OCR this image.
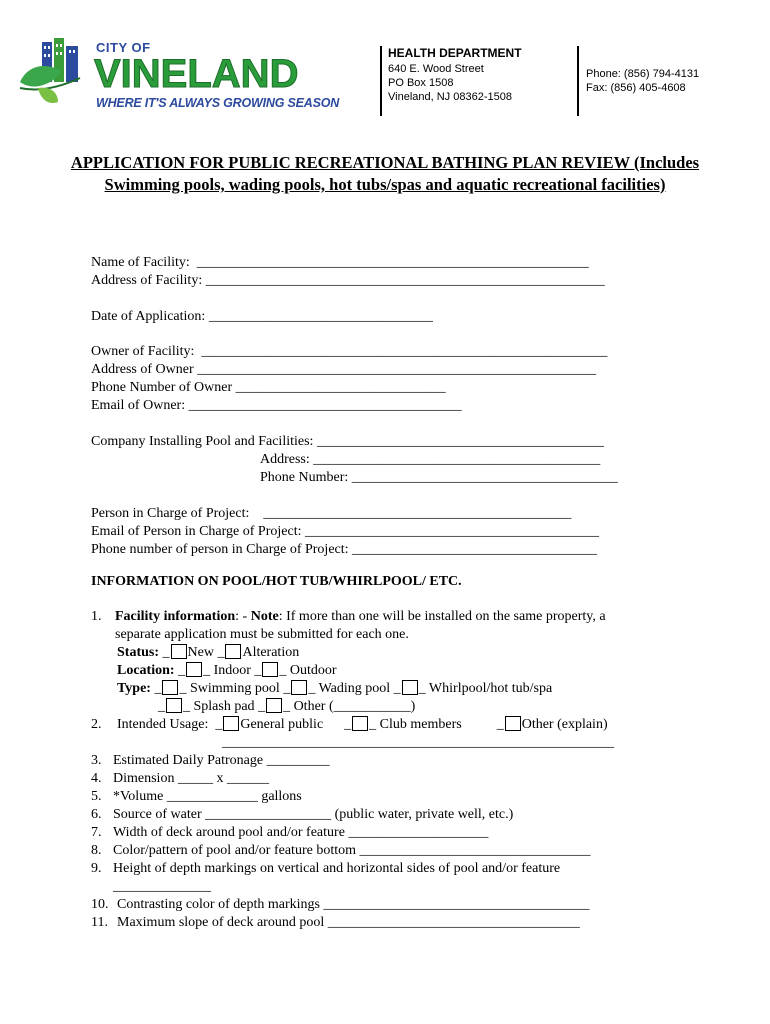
CITY OF
VINELAND
WHERE IT'S ALWAYS GROWING SEASON
HEALTH DEPARTMENT
640 E. Wood Street
PO Box 1508
Vineland, NJ 08362-1508
Phone: (856) 794-4131
Fax: (856) 405-4608
APPLICATION FOR PUBLIC RECREATIONAL BATHING PLAN REVIEW (Includes Swimming pools, wading pools, hot tubs/spas and aquatic recreational facilities)
Name of Facility:  ________________________________________________________
Address of Facility: _________________________________________________________
Date of Application: ________________________________
Owner of Facility:  __________________________________________________________
Address of Owner _________________________________________________________
Phone Number of Owner ______________________________
Email of Owner: _______________________________________
Company Installing Pool and Facilities: _________________________________________
Address: _________________________________________
Phone Number: ______________________________________
Person in Charge of Project:    ____________________________________________
Email of Person in Charge of Project: __________________________________________
Phone number of person in Charge of Project: ___________________________________
INFORMATION ON POOL/HOT TUB/WHIRLPOOL/ ETC.
1. Facility information: - Note: If more than one will be installed on the same property, a
separate application must be submitted for each one.
Status: _ New _ Alteration
Location: _ _ Indoor _ _ Outdoor
Type: _ _ Swimming pool _ _ Wading pool _ _ Whirlpool/hot tub/spa
_ _ Splash pad _ _ Other (___________)
2. Intended Usage:  _ General public      _ _ Club members          _ Other (explain)
________________________________________________________
3. Estimated Daily Patronage _________
4. Dimension _____ x ______
5. *Volume _____________ gallons
6. Source of water __________________ (public water, private well, etc.)
7. Width of deck around pool and/or feature ____________________
8. Color/pattern of pool and/or feature bottom _________________________________
9. Height of depth markings on vertical and horizontal sides of pool and/or feature
______________
10. Contrasting color of depth markings ______________________________________
11. Maximum slope of deck around pool ____________________________________
